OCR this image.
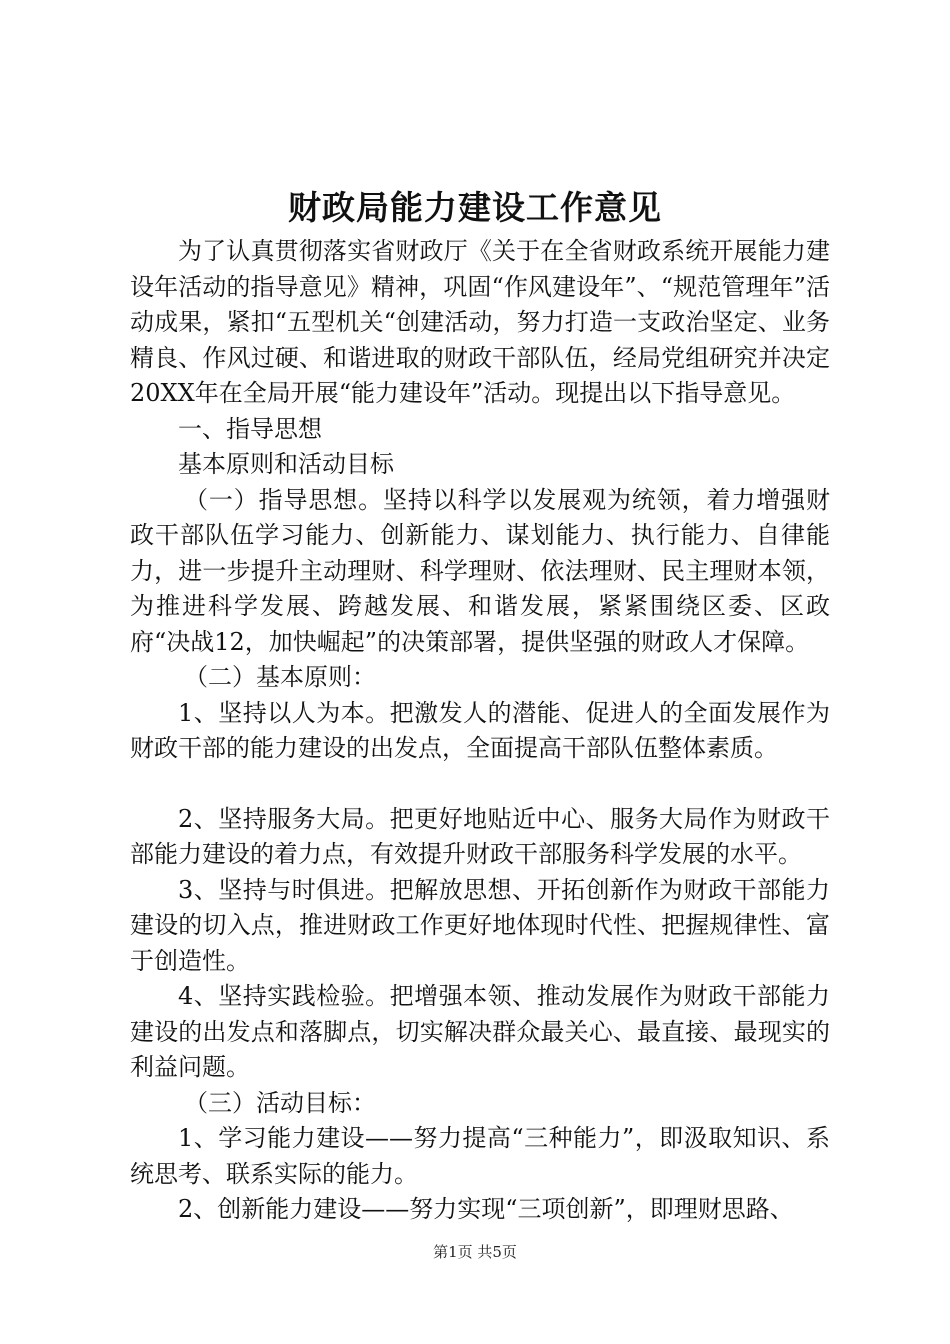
财政局能力建设工作意见

为了认真贯彻落实省财政厅《关于在全省财政系统开展能力建设年活动的指导意见》精神，巩固“作风建设年”、“规范管理年”活动成果，紧扣“五型机关“创建活动，努力打造一支政治坚定、业务精良、作风过硬、和谐进取的财政干部队伍，经局党组研究并决定20XX年在全局开展“能力建设年”活动。现提出以下指导意见。

一、指导思想

基本原则和活动目标

（一）指导思想。坚持以科学以发展观为统领，着力增强财政干部队伍学习能力、创新能力、谋划能力、执行能力、自律能力，进一步提升主动理财、科学理财、依法理财、民主理财本领，为推进科学发展、跨越发展、和谐发展，紧紧围绕区委、区政府“决战12，加快崛起”的决策部署，提供坚强的财政人才保障。

（二）基本原则：

1、坚持以人为本。把激发人的潜能、促进人的全面发展作为财政干部的能力建设的出发点，全面提高干部队伍整体素质。

2、坚持服务大局。把更好地贴近中心、服务大局作为财政干部能力建设的着力点，有效提升财政干部服务科学发展的水平。

3、坚持与时俱进。把解放思想、开拓创新作为财政干部能力建设的切入点，推进财政工作更好地体现时代性、把握规律性、富于创造性。

4、坚持实践检验。把增强本领、推动发展作为财政干部能力建设的出发点和落脚点，切实解决群众最关心、最直接、最现实的利益问题。

（三）活动目标：

1、学习能力建设——努力提高“三种能力”，即汲取知识、系统思考、联系实际的能力。

2、创新能力建设——努力实现“三项创新”，即理财思路、

第1页 共5页
